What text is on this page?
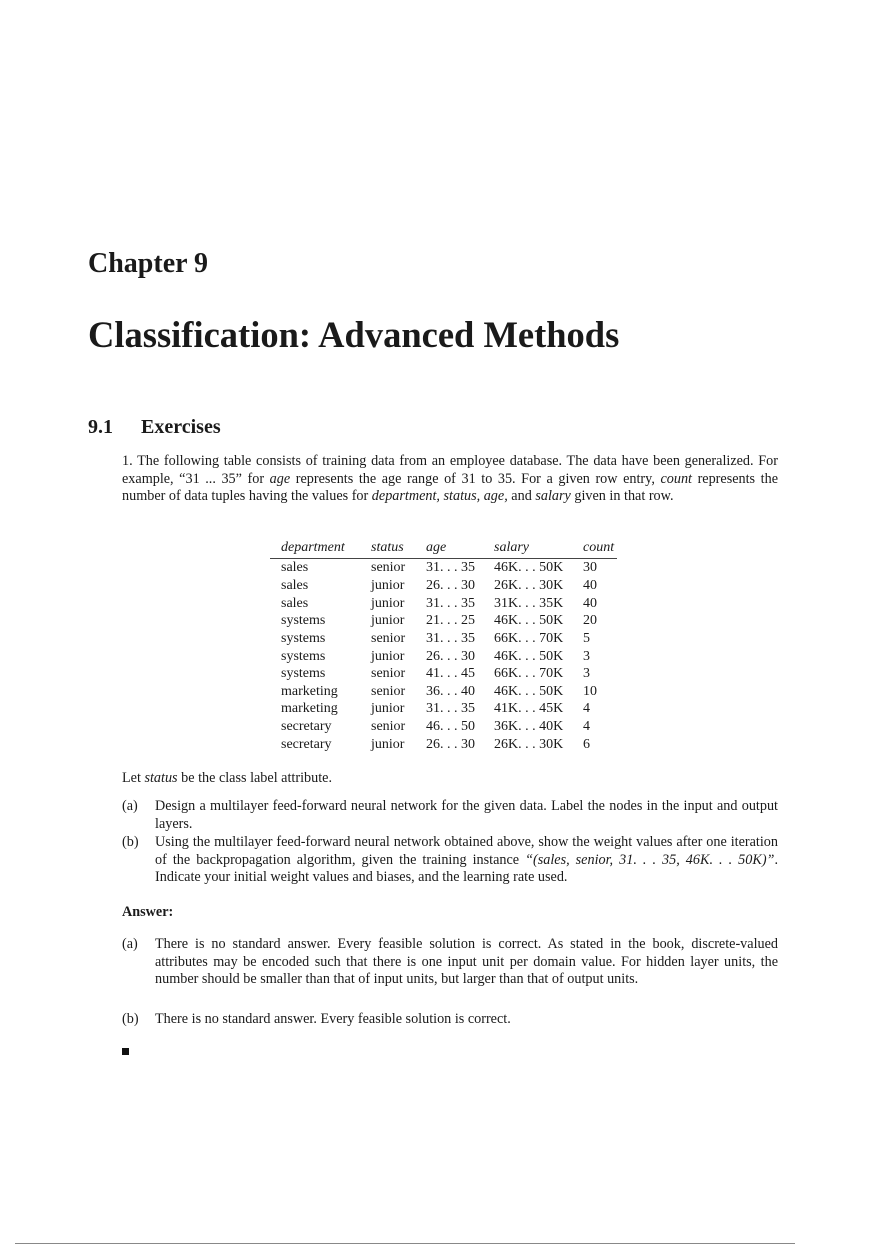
Chapter 9
Classification: Advanced Methods
9.1 Exercises
1. The following table consists of training data from an employee database. The data have been generalized. For example, “31 ... 35” for age represents the age range of 31 to 35. For a given row entry, count represents the number of data tuples having the values for department, status, age, and salary given in that row.
department	status	age	salary	count
sales	senior	31. . . 35	46K. . . 50K	30
sales	junior	26. . . 30	26K. . . 30K	40
sales	junior	31. . . 35	31K. . . 35K	40
systems	junior	21. . . 25	46K. . . 50K	20
systems	senior	31. . . 35	66K. . . 70K	5
systems	junior	26. . . 30	46K. . . 50K	3
systems	senior	41. . . 45	66K. . . 70K	3
marketing	senior	36. . . 40	46K. . . 50K	10
marketing	junior	31. . . 35	41K. . . 45K	4
secretary	senior	46. . . 50	36K. . . 40K	4
secretary	junior	26. . . 30	26K. . . 30K	6
Let status be the class label attribute.
(a) Design a multilayer feed-forward neural network for the given data. Label the nodes in the input and output layers.
(b) Using the multilayer feed-forward neural network obtained above, show the weight values after one iteration of the backpropagation algorithm, given the training instance “(sales, senior, 31. . . 35, 46K. . . 50K)”. Indicate your initial weight values and biases, and the learning rate used.
Answer:
(a) There is no standard answer. Every feasible solution is correct. As stated in the book, discrete-valued attributes may be encoded such that there is one input unit per domain value. For hidden layer units, the number should be smaller than that of input units, but larger than that of output units.
(b) There is no standard answer. Every feasible solution is correct.
